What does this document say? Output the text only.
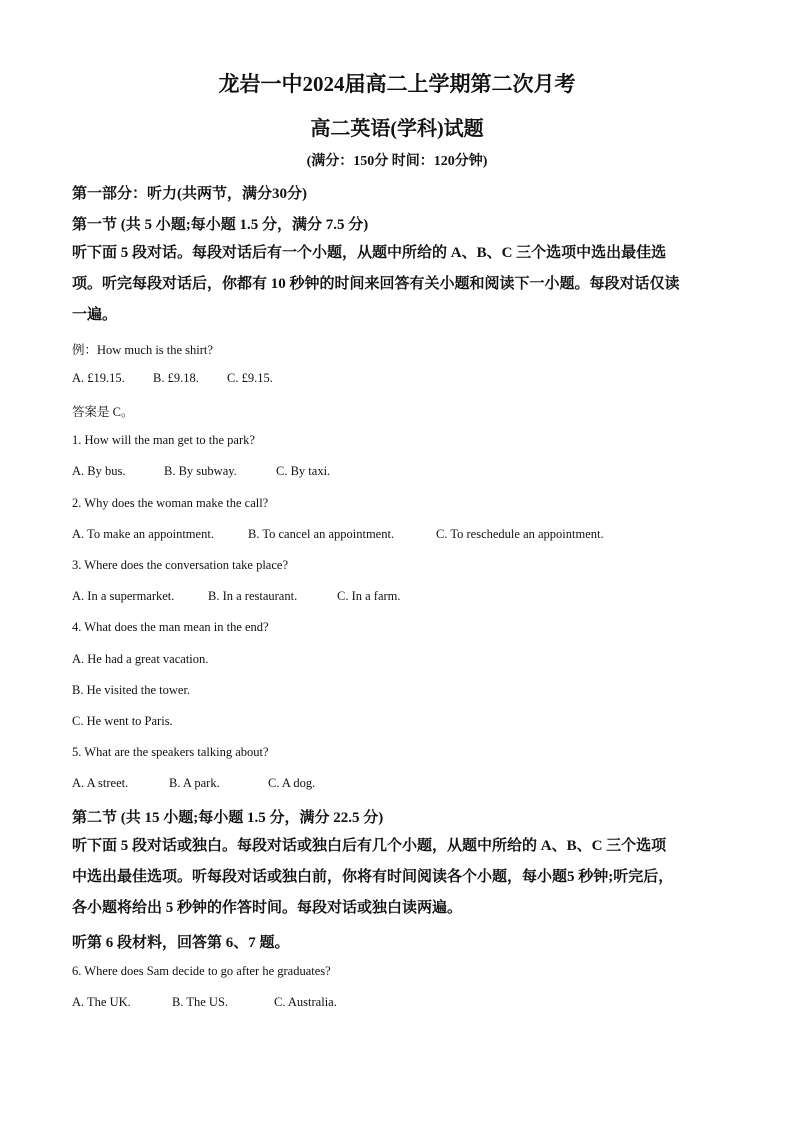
龙岩一中2024届高二上学期第二次月考
高二英语(学科)试题
(满分：150分 时间：120分钟)
第一部分：听力(共两节，满分30分)
第一节 (共 5 小题;每小题 1.5 分，满分 7.5 分)
听下面 5 段对话。每段对话后有一个小题，从题中所给的 A、B、C 三个选项中选出最佳选
项。听完每段对话后，你都有 10 秒钟的时间来回答有关小题和阅读下一小题。每段对话仅读
一遍。
例：How much is the shirt?
A. £19.15. B. £9.18. C. £9.15.
答案是 C。
1. How will the man get to the park?
A. By bus.	B. By subway.	C. By taxi.
2. Why does the woman make the call?
A. To make an appointment.	B. To cancel an appointment.	C. To reschedule an appointment.
3. Where does the conversation take place?
A. In a supermarket.	B. In a restaurant.	C. In a farm.
4. What does the man mean in the end?
A. He had a great vacation.
B. He visited the tower.
C. He went to Paris.
5. What are the speakers talking about?
A. A street.	B. A park.	C. A dog.
第二节 (共 15 小题;每小题 1.5 分，满分 22.5 分)
听下面 5 段对话或独白。每段对话或独白后有几个小题，从题中所给的 A、B、C 三个选项
中选出最佳选项。听每段对话或独白前，你将有时间阅读各个小题，每小题5 秒钟;听完后，
各小题将给出 5 秒钟的作答时间。每段对话或独白读两遍。
听第 6 段材料，回答第 6、7 题。
6. Where does Sam decide to go after he graduates?
A. The UK.	B. The US.	C. Australia.
